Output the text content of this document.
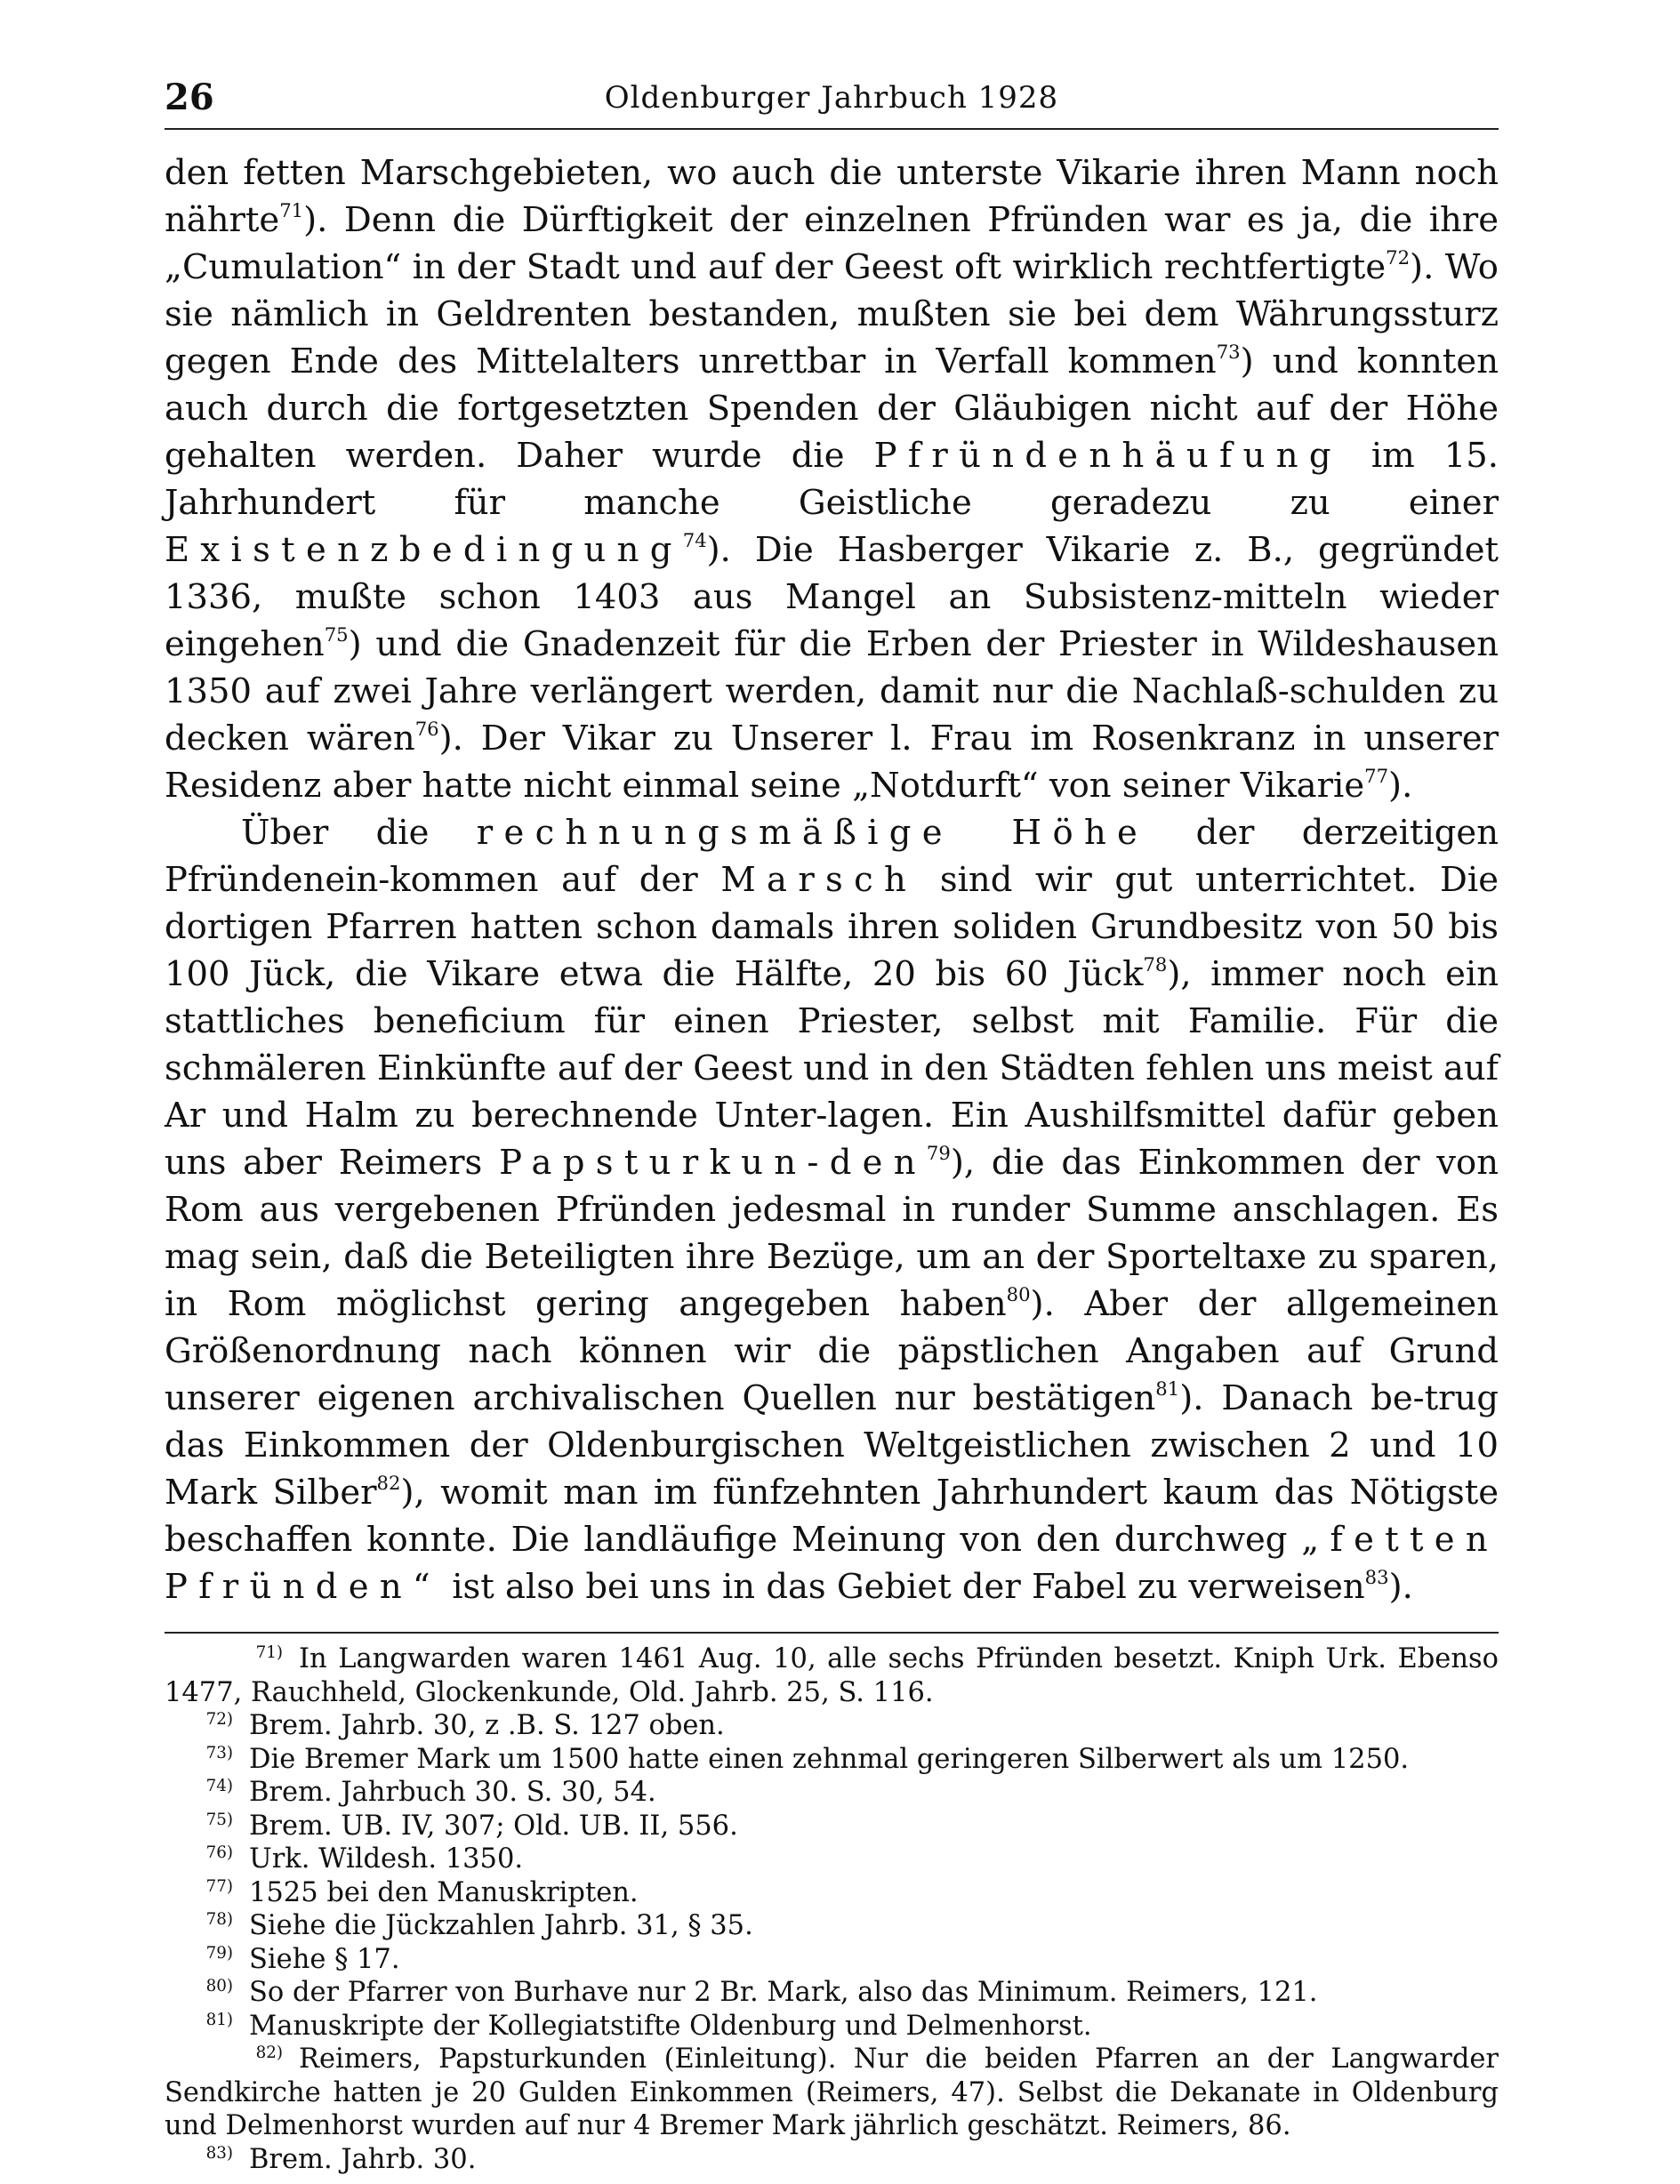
26	Oldenburger Jahrbuch 1928

den fetten Marschgebieten, wo auch die unterste Vikarie ihren Mann noch nährte$^{71}$). Denn die Dürftigkeit der einzelnen Pfründen war es ja, die ihre „Cumulation“ in der Stadt und auf der Geest oft wirklich rechtfertigte$^{72}$). Wo sie nämlich in Geldrenten bestanden, mußten sie bei dem Währungssturz gegen Ende des Mittelalters unrettbar in Verfall kommen$^{73}$) und konnten auch durch die fortgesetzten Spenden der Gläubigen nicht auf der Höhe gehalten werden. Daher wurde die Pfründenhäufung im 15. Jahrhundert für manche Geistliche geradezu zu einer Existenzbedingung$^{74}$). Die Hasberger Vikarie z. B., gegründet 1336, mußte schon 1403 aus Mangel an Subsistenz-mitteln wieder eingehen$^{75}$) und die Gnadenzeit für die Erben der Priester in Wildeshausen 1350 auf zwei Jahre verlängert werden, damit nur die Nachlaß-schulden zu decken wären$^{76}$). Der Vikar zu Unserer l. Frau im Rosenkranz in unserer Residenz aber hatte nicht einmal seine „Notdurft“ von seiner Vikarie$^{77}$).

Über die rechnungsmäßige Höhe der derzeitigen Pfründenein-kommen auf der Marsch sind wir gut unterrichtet. Die dortigen Pfarren hatten schon damals ihren soliden Grundbesitz von 50 bis 100 Jück, die Vikare etwa die Hälfte, 20 bis 60 Jück$^{78}$), immer noch ein stattliches beneficium für einen Priester, selbst mit Familie. Für die schmäleren Einkünfte auf der Geest und in den Städten fehlen uns meist auf Ar und Halm zu berechnende Unter-lagen. Ein Aushilfsmittel dafür geben uns aber Reimers Papsturkun-den$^{79}$), die das Einkommen der von Rom aus vergebenen Pfründen jedesmal in runder Summe anschlagen. Es mag sein, daß die Beteiligten ihre Bezüge, um an der Sporteltaxe zu sparen, in Rom möglichst gering angegeben haben$^{80}$). Aber der allgemeinen Größenordnung nach können wir die päpstlichen Angaben auf Grund unserer eigenen archivalischen Quellen nur bestätigen$^{81}$). Danach be-trug das Einkommen der Oldenburgischen Weltgeistlichen zwischen 2 und 10 Mark Silber$^{82}$), womit man im fünfzehnten Jahrhundert kaum das Nötigste beschaffen konnte. Die landläufige Meinung von den durchweg „fetten Pfründen“ ist also bei uns in das Gebiet der Fabel zu verweisen$^{83}$).

71) In Langwarden waren 1461 Aug. 10, alle sechs Pfründen besetzt. Kniph Urk. Ebenso 1477, Rauchheld, Glockenkunde, Old. Jahrb. 25, S. 116.

72) Brem. Jahrb. 30, z .B. S. 127 oben.

73) Die Bremer Mark um 1500 hatte einen zehnmal geringeren Silberwert als um 1250.

74) Brem. Jahrbuch 30. S. 30, 54.

75) Brem. UB. IV, 307; Old. UB. II, 556.

76) Urk. Wildesh. 1350.

77) 1525 bei den Manuskripten.

78) Siehe die Jückzahlen Jahrb. 31, § 35.

79) Siehe § 17.

80) So der Pfarrer von Burhave nur 2 Br. Mark, also das Minimum. Reimers, 121.

81) Manuskripte der Kollegiatstifte Oldenburg und Delmenhorst.

82) Reimers, Papsturkunden (Einleitung). Nur die beiden Pfarren an der Langwarder Sendkirche hatten je 20 Gulden Einkommen (Reimers, 47). Selbst die Dekanate in Oldenburg und Delmenhorst wurden auf nur 4 Bremer Mark jährlich geschätzt. Reimers, 86.

83) Brem. Jahrb. 30.
